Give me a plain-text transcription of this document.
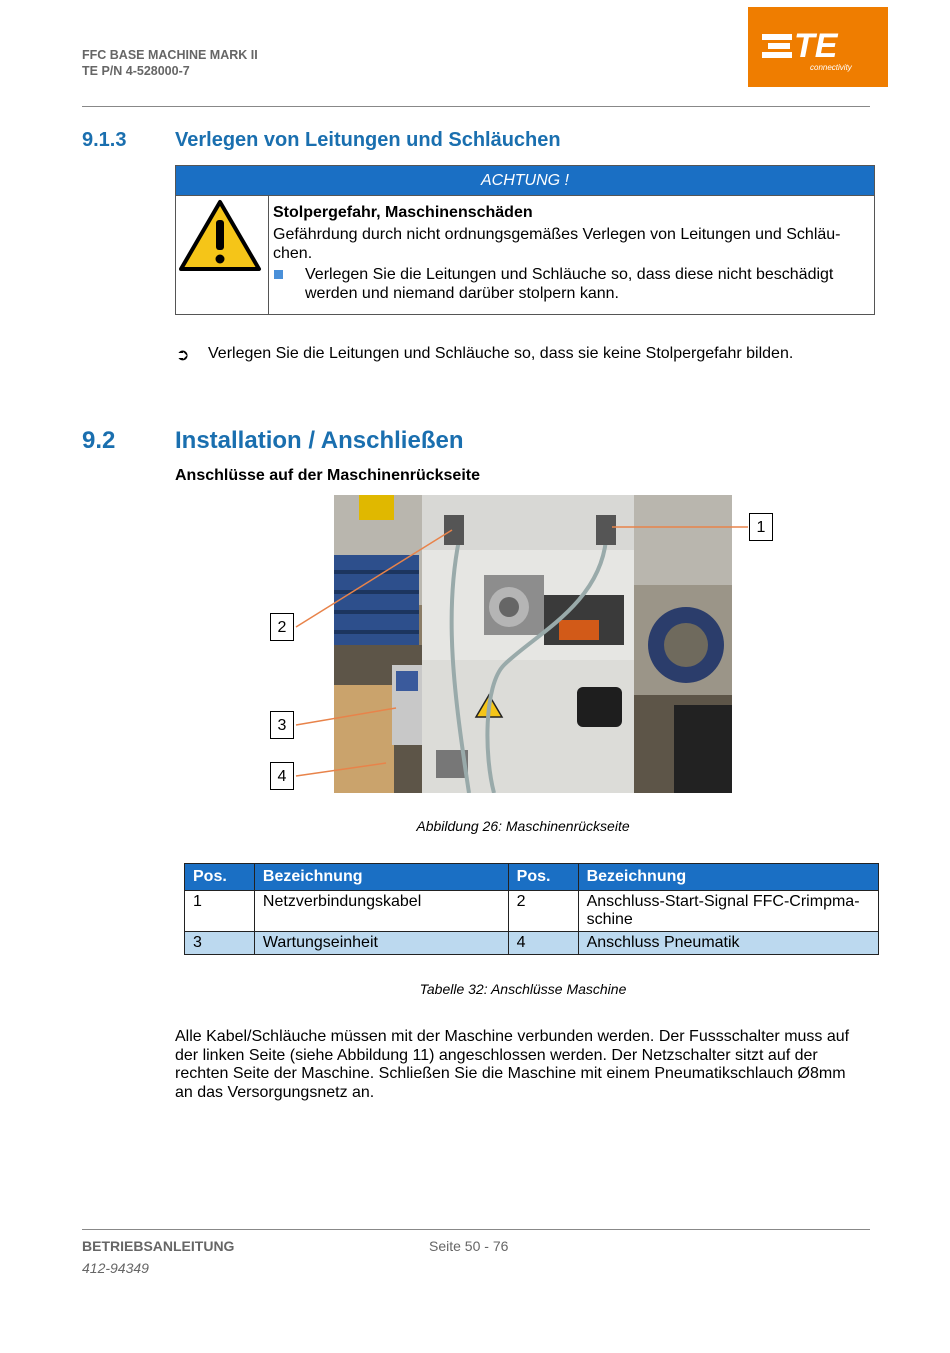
FFC BASE MACHINE MARK II
TE P/N 4-528000-7
TE
connectivity
9.1.3 Verlegen von Leitungen und Schläuchen
ACHTUNG !
Stolpergefahr, Maschinenschäden
Gefährdung durch nicht ordnungsgemäßes Verlegen von Leitungen und Schläu-
chen.
Verlegen Sie die Leitungen und Schläuche so, dass diese nicht beschädigt
werden und niemand darüber stolpern kann.
➲ Verlegen Sie die Leitungen und Schläuche so, dass sie keine Stolpergefahr bilden.
9.2 Installation / Anschließen
Anschlüsse auf der Maschinenrückseite
1
2
3
4
Abbildung 26: Maschinenrückseite
Pos.	Bezeichnung	Pos.	Bezeichnung
1	Netzverbindungskabel	2	Anschluss-Start-Signal FFC-Crimpma-
schine

3	Wartungseinheit	4	Anschluss Pneumatik
Tabelle 32: Anschlüsse Maschine
Alle Kabel/Schläuche müssen mit der Maschine verbunden werden. Der Fussschalter muss auf
der linken Seite (siehe Abbildung 11) angeschlossen werden. Der Netzschalter sitzt auf der
rechten Seite der Maschine. Schließen Sie die Maschine mit einem Pneumatikschlauch Ø8mm
an das Versorgungsnetz an.
BETRIEBSANLEITUNG
412-94349
Seite 50 - 76
